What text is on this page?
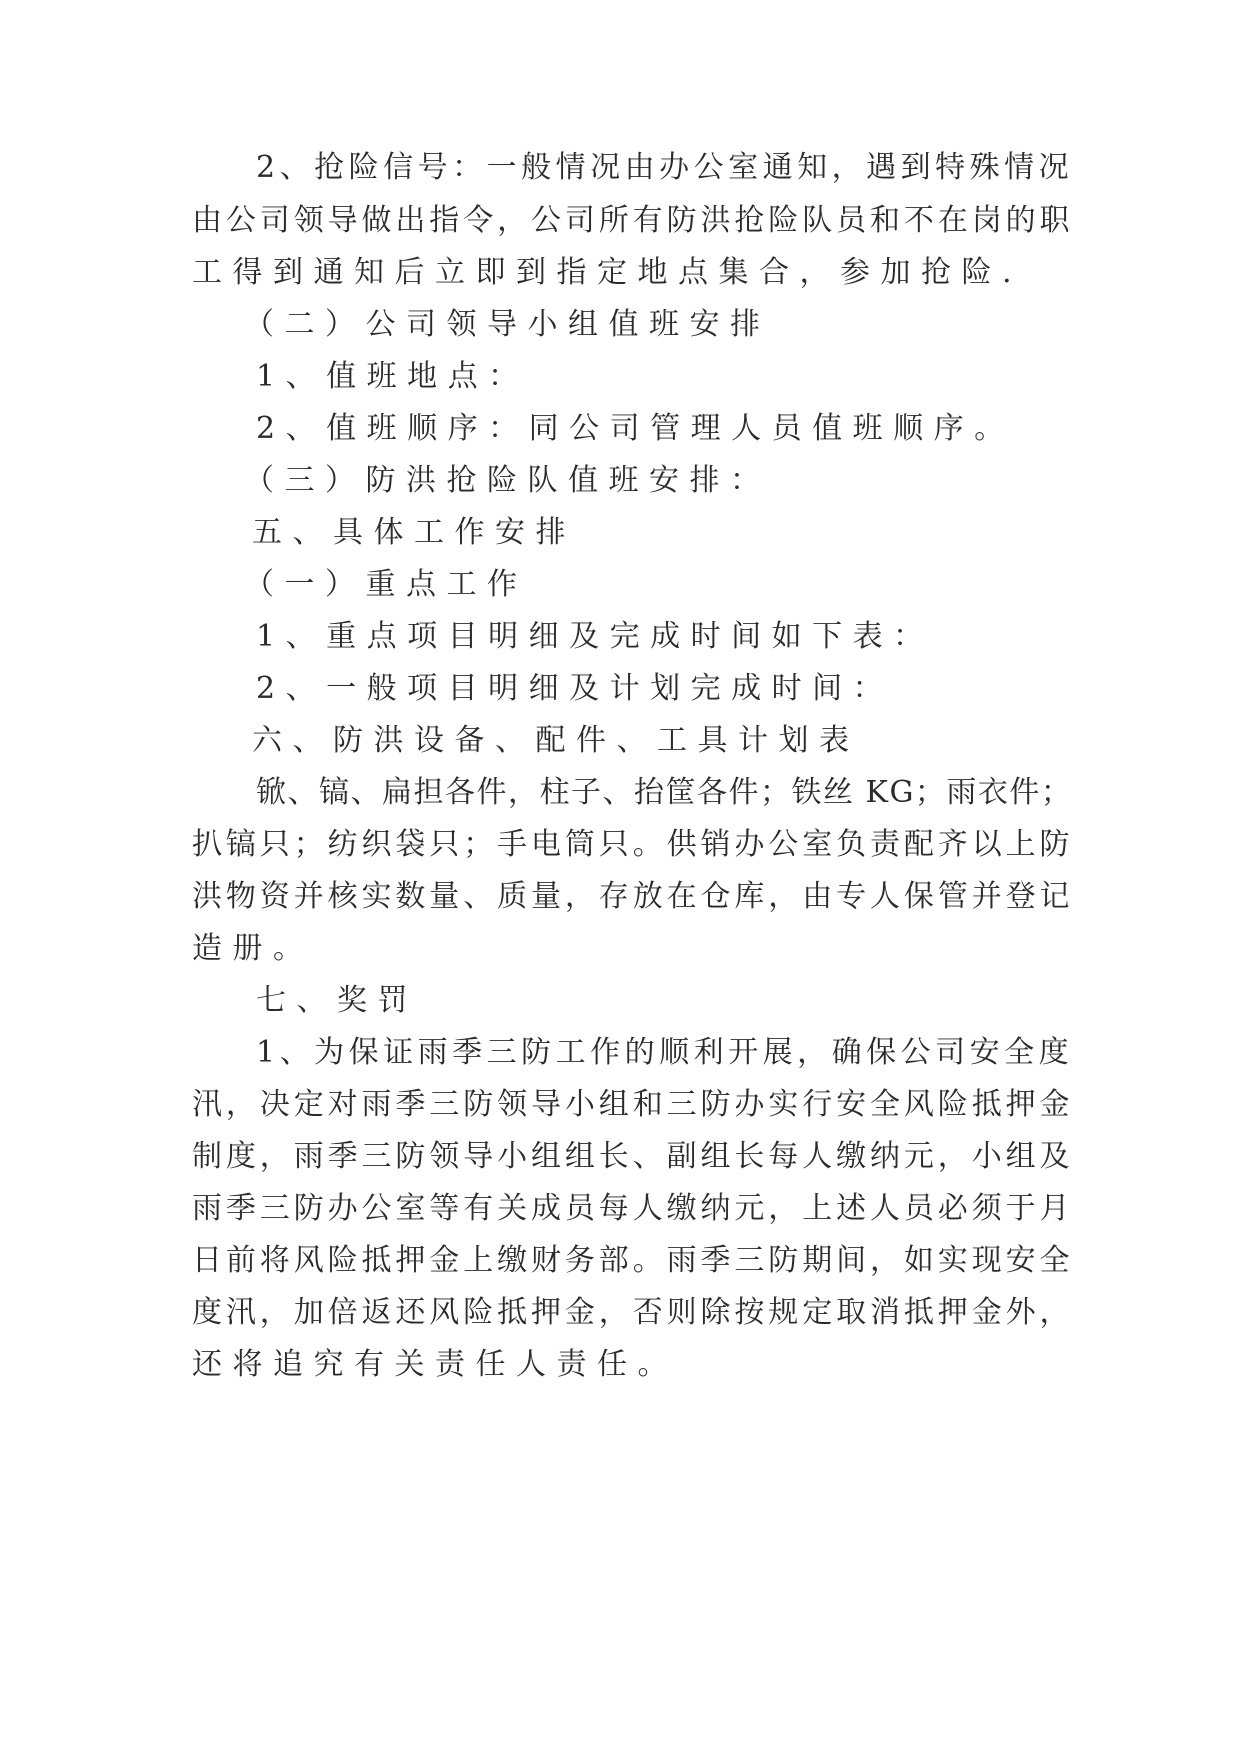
2、抢险信号：一般情况由办公室通知，遇到特殊情况
由公司领导做出指令，公司所有防洪抢险队员和不在岗的职
工得到通知后立即到指定地点集合，参加抢险.
（二）公司领导小组值班安排
1、值班地点：
2、值班顺序：同公司管理人员值班顺序。
（三）防洪抢险队值班安排：
五、具体工作安排
（一）重点工作
1、重点项目明细及完成时间如下表：
2、一般项目明细及计划完成时间：
六、防洪设备、配件、工具计划表
锨、镐、扁担各件，柱子、抬筐各件；铁丝 KG；雨衣件；
扒镐只；纺织袋只；手电筒只。供销办公室负责配齐以上防
洪物资并核实数量、质量，存放在仓库，由专人保管并登记
造册。
七、奖罚
1、为保证雨季三防工作的顺利开展，确保公司安全度
汛，决定对雨季三防领导小组和三防办实行安全风险抵押金
制度，雨季三防领导小组组长、副组长每人缴纳元，小组及
雨季三防办公室等有关成员每人缴纳元，上述人员必须于月
日前将风险抵押金上缴财务部。雨季三防期间，如实现安全
度汛，加倍返还风险抵押金，否则除按规定取消抵押金外，
还将追究有关责任人责任。
